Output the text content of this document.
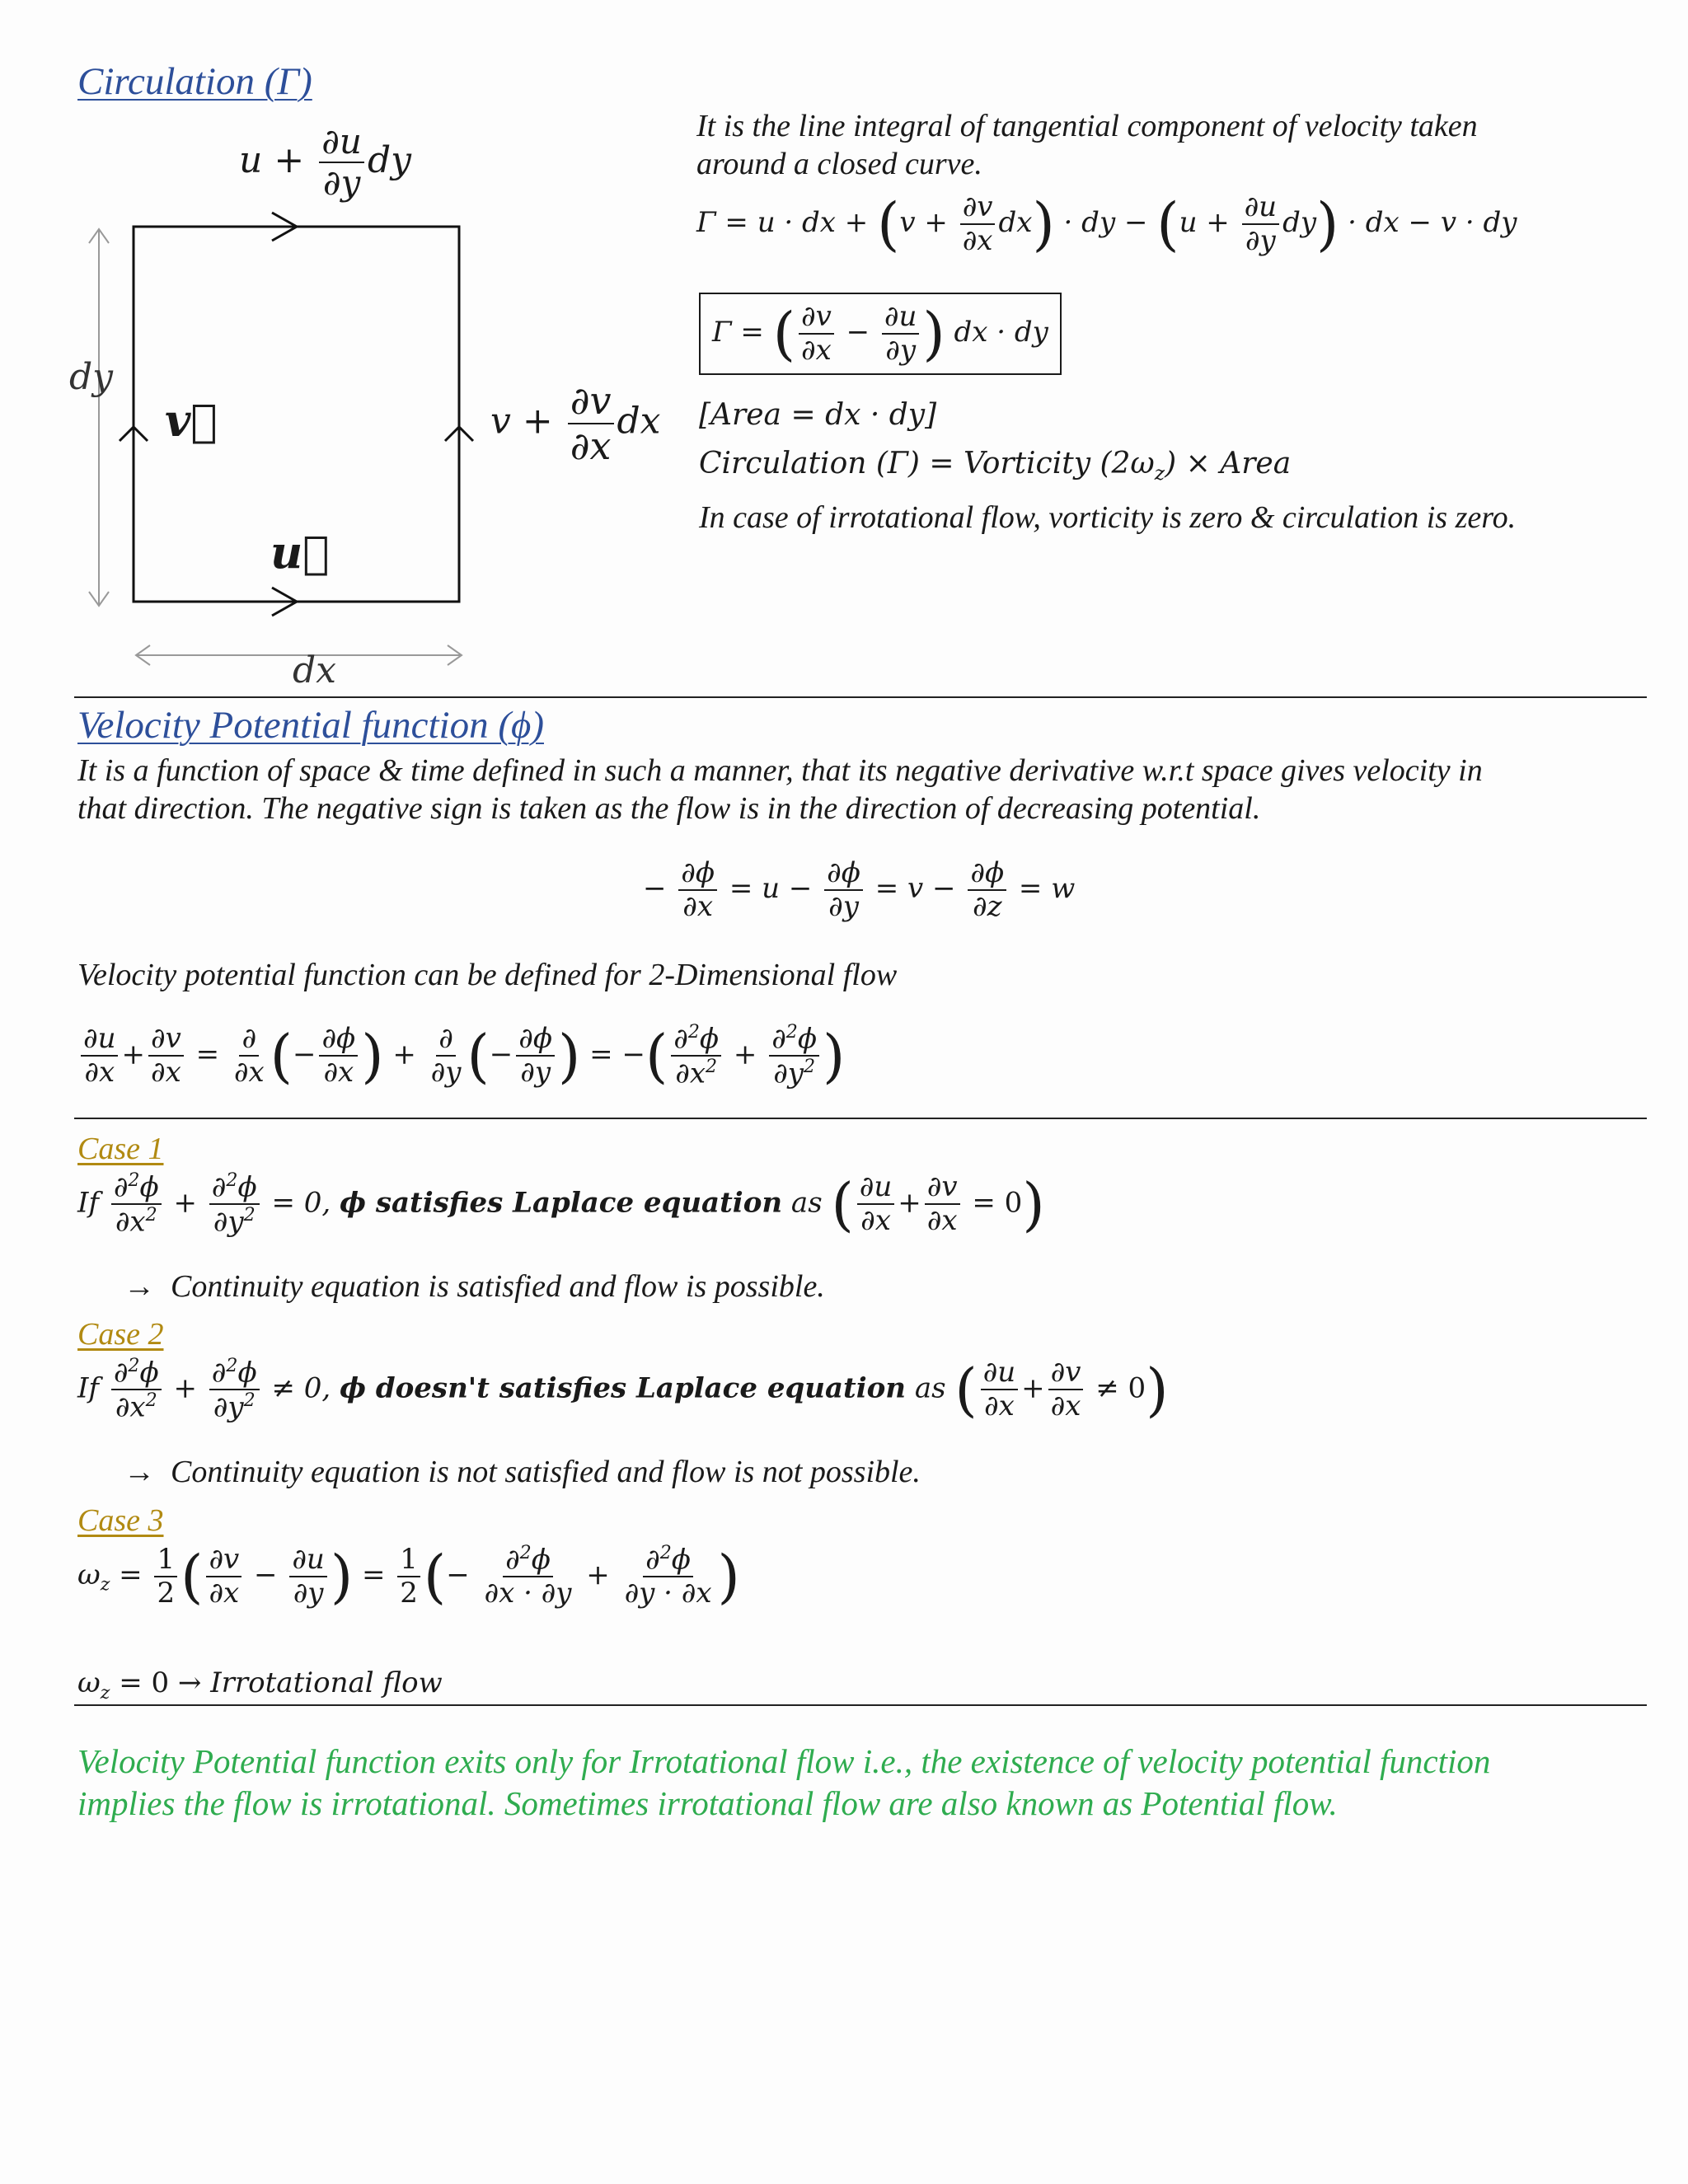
Circulation (Γ)
$u + \frac{\partial u}{\partial y}$ dy
dy
dx
v⃗
u⃗
$v + \frac{\partial v}{\partial x}$ dx
It is the line integral of tangential component of velocity taken
around a closed curve.
Γ = u · dx + $(v + \frac{\partial v}{\partial x} dx)$ · dy − $(u + \frac{\partial u}{\partial y} dy)$ · dx − v · dy
Γ = ( $\frac{\partial v}{\partial x} - \frac{\partial u}{\partial y}$ ) dx · dy
[Area = dx · dy]
Circulation (Γ) = Vorticity $(2\omega_z)$ × Area
In case of irrotational flow, vorticity is zero & circulation is zero.
Velocity Potential function (ϕ)
It is a function of space & time defined in such a manner, that its negative derivative w.r.t space gives velocity in
that direction. The negative sign is taken as the flow is in the direction of decreasing potential.
− $\frac{\partial\phi}{\partial x} = u - \frac{\partial\phi}{\partial y} = v - \frac{\partial\phi}{\partial z} = w$
Velocity potential function can be defined for 2-Dimensional flow
$\frac{\partial u}{\partial x} + \frac{\partial v}{\partial x} = \frac{\partial}{\partial x}$ (− $\frac{\partial\phi}{\partial x}$ ) + $\frac{\partial}{\partial y}$ (− $\frac{\partial\phi}{\partial y}$ ) = −( $\frac{\partial^2\phi}{\partial x^2} + \frac{\partial^2\phi}{\partial y^2}$ )
Case 1
If $\frac{\partial^2\phi}{\partial x^2} + \frac{\partial^2\phi}{\partial y^2} = 0$, ϕ satisfies Laplace equation as ( $\frac{\partial u}{\partial x} + \frac{\partial v}{\partial x} = 0$)
→ Continuity equation is satisfied and flow is possible.
Case 2
If $\frac{\partial^2\phi}{\partial x^2} + \frac{\partial^2\phi}{\partial y^2} \ne 0$, ϕ doesn't satisfies Laplace equation as ( $\frac{\partial u}{\partial x} + \frac{\partial v}{\partial x} \ne 0$)
→ Continuity equation is not satisfied and flow is not possible.
Case 3
$\omega_z = \frac{1}{2}$ ( $\frac{\partial v}{\partial x} - \frac{\partial u}{\partial y}$ ) = $\frac{1}{2}$ (− $\frac{\partial^2\phi}{\partial x \cdot \partial y} + \frac{\partial^2\phi}{\partial y \cdot \partial x}$ )
$\omega_z = 0$ → Irrotational flow
Velocity Potential function exits only for Irrotational flow i.e., the existence of velocity potential function
implies the flow is irrotational. Sometimes irrotational flow are also known as Potential flow.
